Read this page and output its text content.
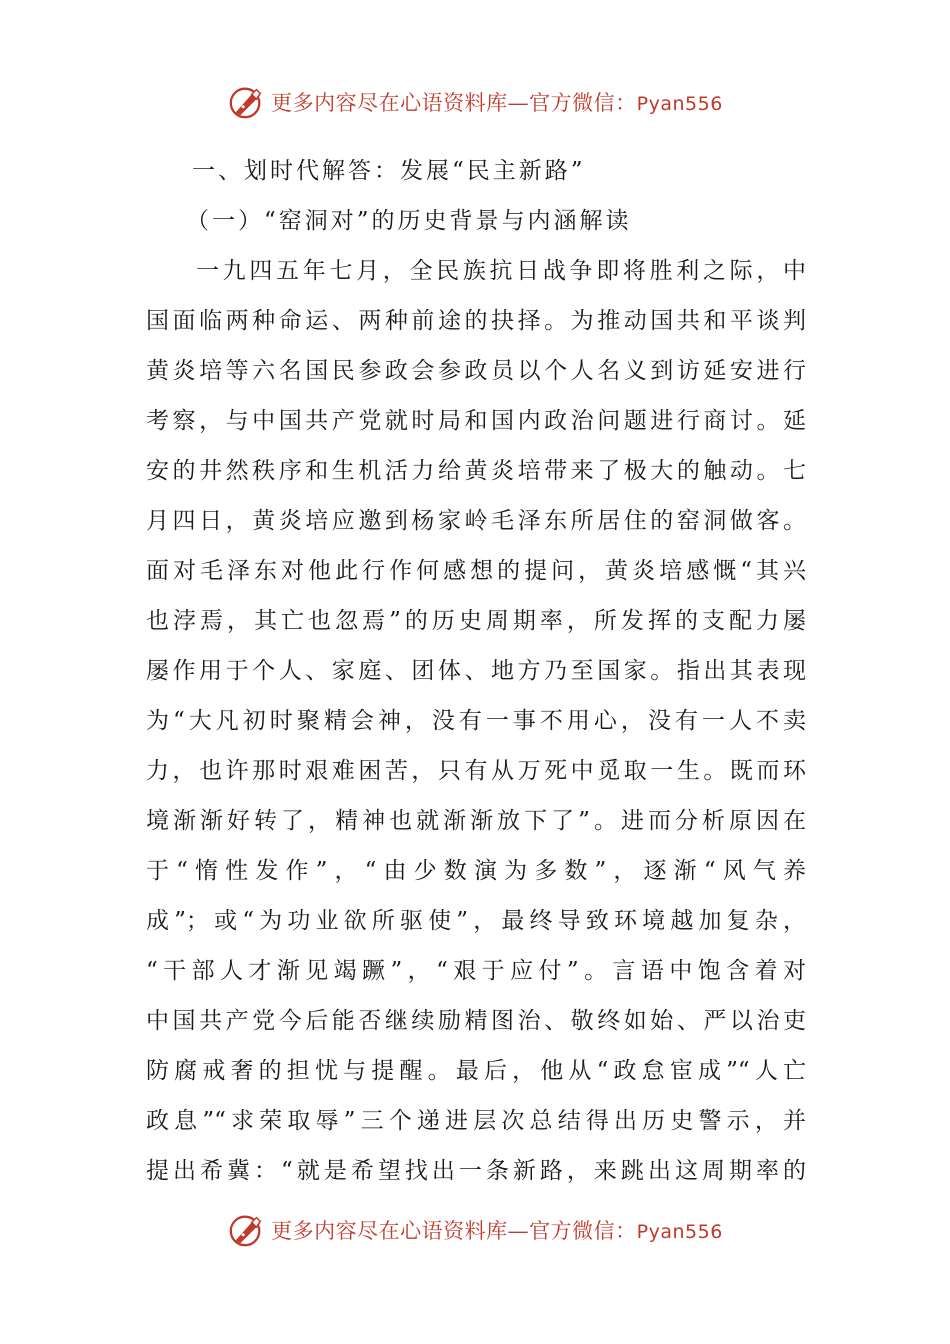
更多内容尽在心语资料库—官方微信：Pyan556
一、划时代解答：发展“民主新路”
（一）“窑洞对”的历史背景与内涵解读
一九四五年七月，全民族抗日战争即将胜利之际，中
国面临两种命运、两种前途的抉择。为推动国共和平谈判
黄炎培等六名国民参政会参政员以个人名义到访延安进行
考察，与中国共产党就时局和国内政治问题进行商讨。延
安的井然秩序和生机活力给黄炎培带来了极大的触动。七
月四日，黄炎培应邀到杨家岭毛泽东所居住的窑洞做客。
面对毛泽东对他此行作何感想的提问，黄炎培感慨“其兴
也浡焉，其亡也忽焉”的历史周期率，所发挥的支配力屡
屡作用于个人、家庭、团体、地方乃至国家。指出其表现
为“大凡初时聚精会神，没有一事不用心，没有一人不卖
力，也许那时艰难困苦，只有从万死中觅取一生。既而环
境渐渐好转了，精神也就渐渐放下了”。进而分析原因在
于“惰性发作”，“由少数演为多数”，逐渐“风气养
成”；或“为功业欲所驱使”，最终导致环境越加复杂，
“干部人才渐见竭蹶”，“艰于应付”。言语中饱含着对
中国共产党今后能否继续励精图治、敬终如始、严以治吏
防腐戒奢的担忧与提醒。最后，他从“政怠宦成”“人亡
政息”“求荣取辱”三个递进层次总结得出历史警示，并
提出希冀：“就是希望找出一条新路，来跳出这周期率的
更多内容尽在心语资料库—官方微信：Pyan556
